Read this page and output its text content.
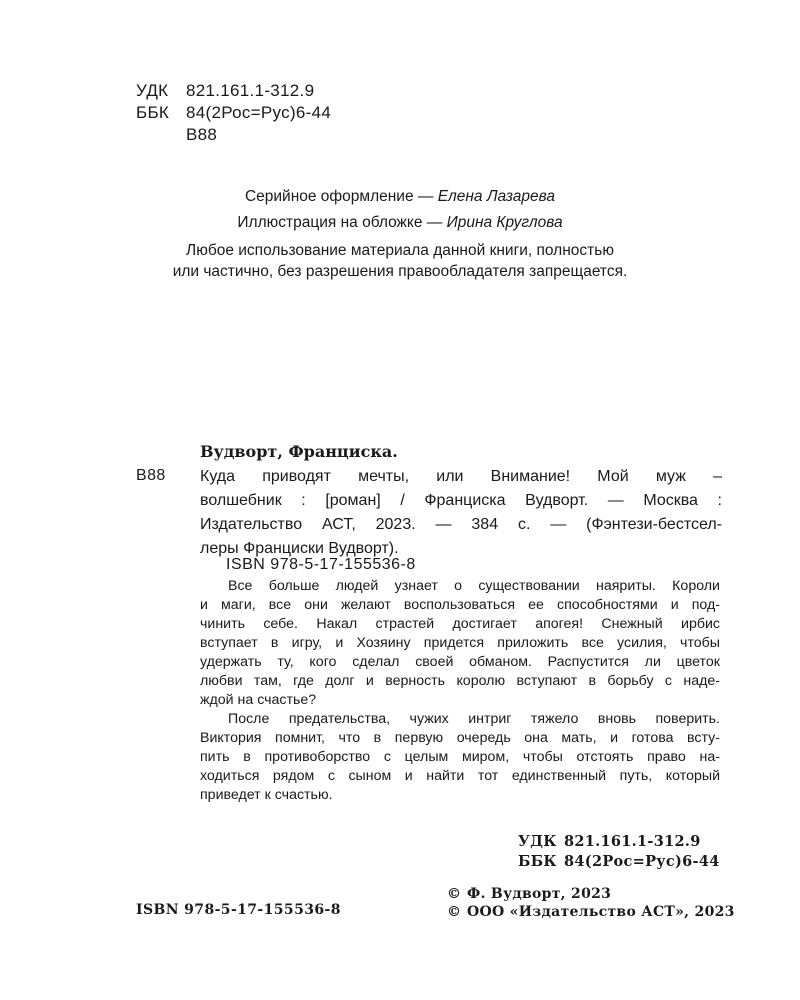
УДК 821.161.1-312.9
ББК 84(2Рос=Рус)6-44
В88
Серийное оформление — Елена Лазарева
Иллюстрация на обложке — Ирина Круглова
Любое использование материала данной книги, полностью
или частично, без разрешения правообладателя запрещается.
Вудворт, Франциска.
В88 Куда приводят мечты, или Внимание! Мой муж –
волшебник : [роман] / Франциска Вудворт. — Москва :
Издательство АСТ, 2023. — 384 с. — (Фэнтези-бестсел-
леры Франциски Вудворт).
ISBN 978-5-17-155536-8
Все больше людей узнает о существовании наяриты. Короли
и маги, все они желают воспользоваться ее способностями и под-
чинить себе. Накал страстей достигает апогея! Снежный ирбис
вступает в игру, и Хозяину придется приложить все усилия, чтобы
удержать ту, кого сделал своей обманом. Распустится ли цветок
любви там, где долг и верность королю вступают в борьбу с наде-
ждой на счастье?
После предательства, чужих интриг тяжело вновь поверить.
Виктория помнит, что в первую очередь она мать, и готова всту-
пить в противоборство с целым миром, чтобы отстоять право на-
ходиться рядом с сыном и найти тот единственный путь, который
приведет к счастью.
УДК 821.161.1-312.9
ББК 84(2Рос=Рус)6-44
ISBN 978-5-17-155536-8
© Ф. Вудворт, 2023
© ООО «Издательство АСТ», 2023
